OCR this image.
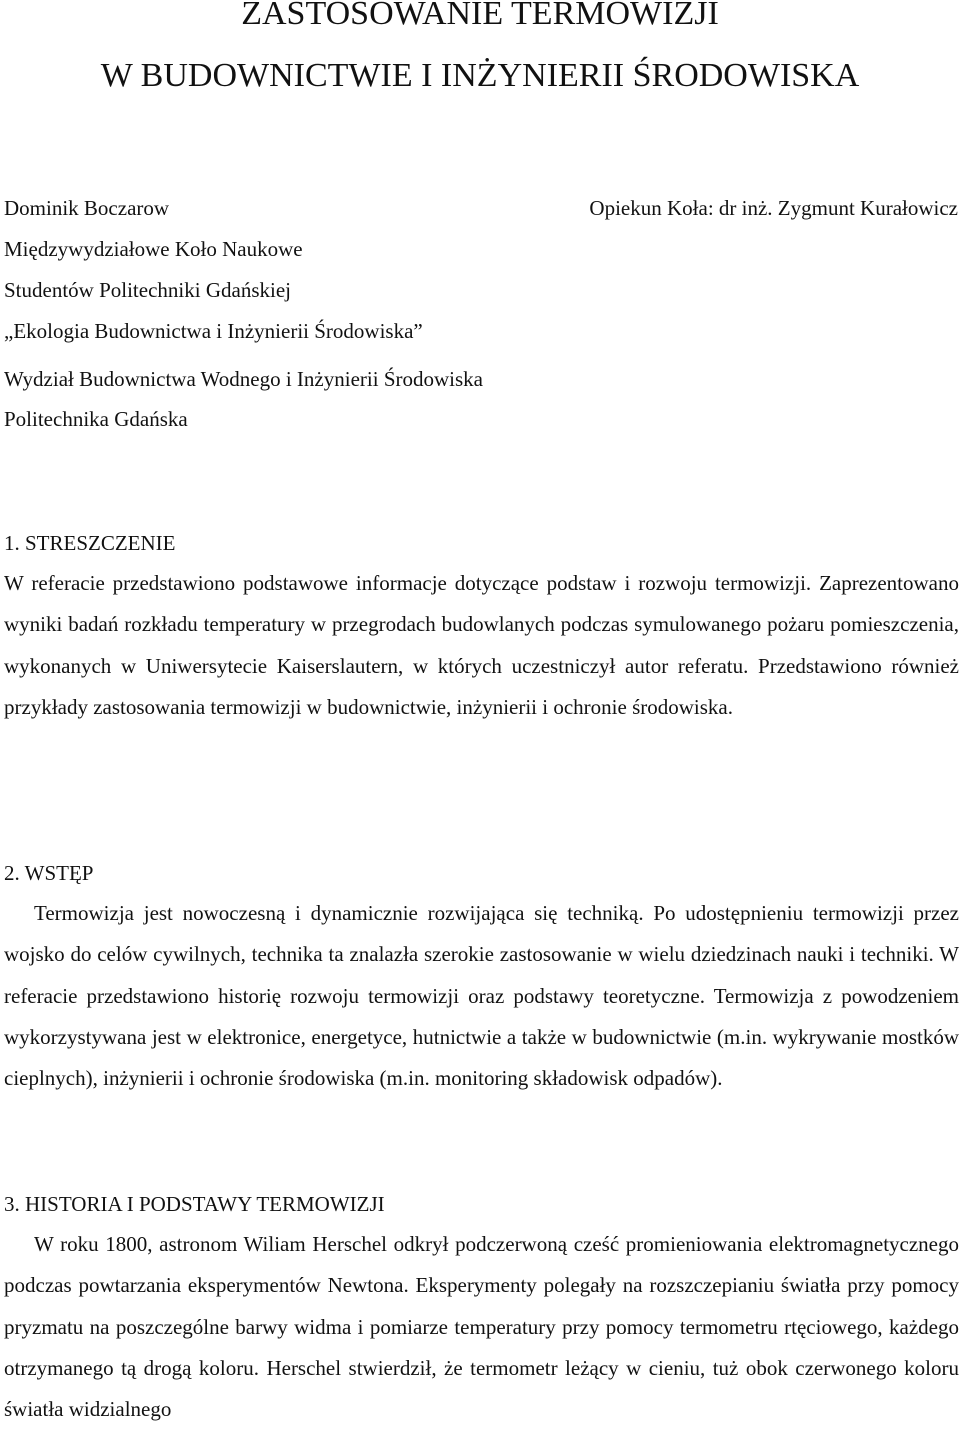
ZASTOSOWANIE TERMOWIZJI
W BUDOWNICTWIE I INŻYNIERII ŚRODOWISKA
Dominik Boczarow
Międzywydziałowe Koło Naukowe
Studentów Politechniki Gdańskiej
„Ekologia Budownictwa i Inżynierii Środowiska”
Wydział Budownictwa Wodnego i Inżynierii Środowiska
Politechnika Gdańska
Opiekun Koła: dr inż. Zygmunt Kurałowicz
1. STRESZCZENIE

W referacie przedstawiono podstawowe informacje dotyczące podstaw i rozwoju termowizji. Zaprezentowano wyniki badań rozkładu temperatury w przegrodach budowlanych podczas symulowanego pożaru pomieszczenia, wykonanych w Uniwersytecie Kaiserslautern, w których uczestniczył autor referatu. Przedstawiono również przykłady zastosowania termowizji w budownictwie, inżynierii i ochronie środowiska.

2. WSTĘP

Termowizja jest nowoczesną i dynamicznie rozwijająca się techniką. Po udostępnieniu termowizji przez wojsko do celów cywilnych, technika ta znalazła szerokie zastosowanie w wielu dziedzinach nauki i techniki. W referacie przedstawiono historię rozwoju termowizji oraz podstawy teoretyczne. Termowizja z powodzeniem wykorzystywana jest w elektronice, energetyce, hutnictwie a także w budownictwie (m.in. wykrywanie mostków cieplnych), inżynierii i ochronie środowiska (m.in. monitoring składowisk odpadów).

3. HISTORIA I PODSTAWY TERMOWIZJI

W roku 1800, astronom Wiliam Herschel odkrył podczerwoną cześć promieniowania elektromagnetycznego podczas powtarzania eksperymentów Newtona. Eksperymenty polegały na rozszczepianiu światła przy pomocy pryzmatu na poszczególne barwy widma i pomiarze temperatury przy pomocy termometru rtęciowego, każdego otrzymanego tą drogą koloru. Herschel stwierdził, że termometr leżący w cieniu, tuż obok czerwonego koloru światła widzialnego
